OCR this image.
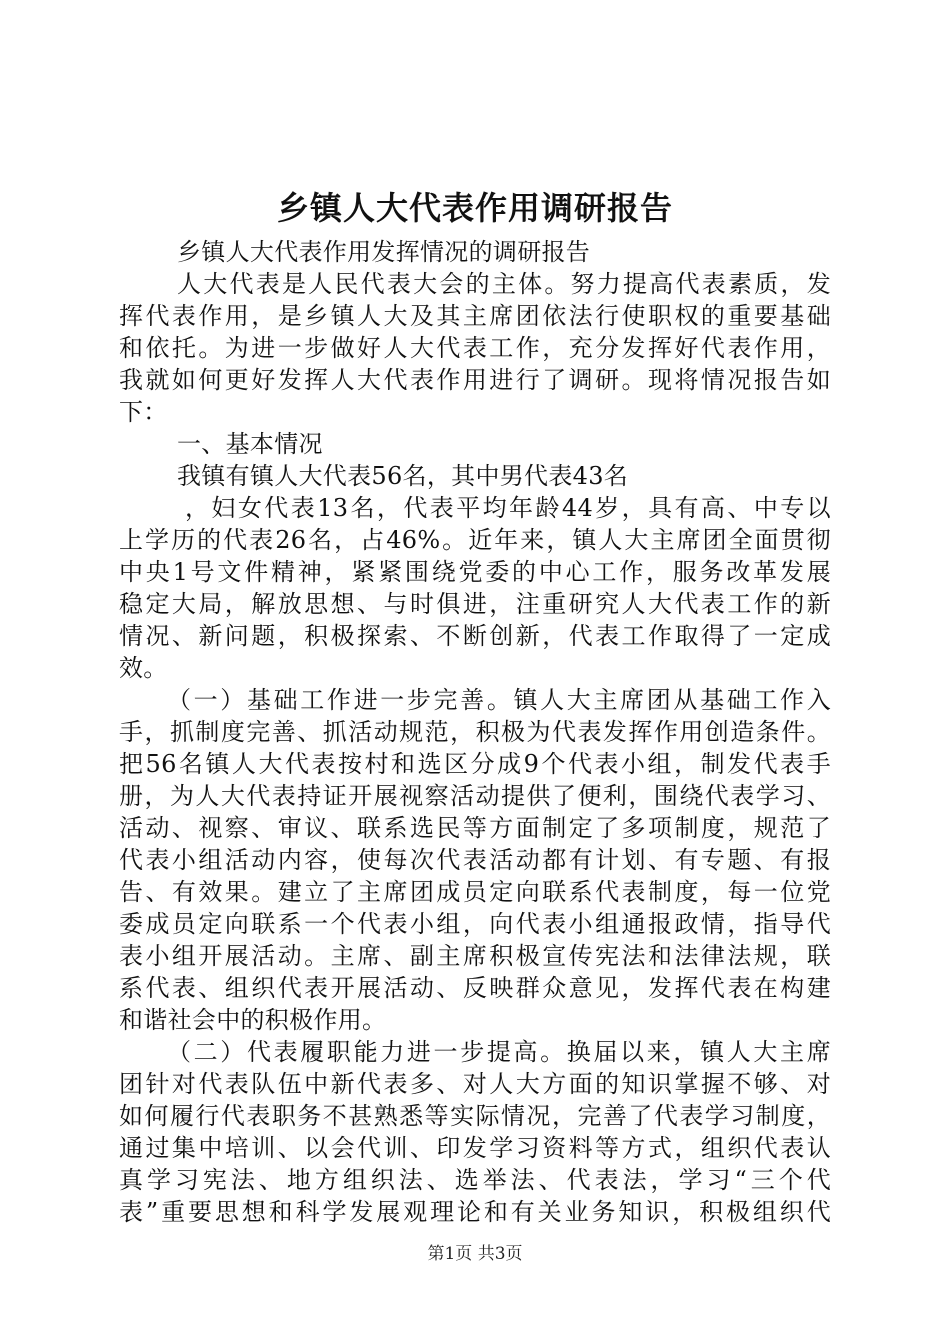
乡镇人大代表作用调研报告
乡镇人大代表作用发挥情况的调研报告
人大代表是人民代表大会的主体。努力提高代表素质，发
挥代表作用，是乡镇人大及其主席团依法行使职权的重要基础
和依托。为进一步做好人大代表工作，充分发挥好代表作用，
我就如何更好发挥人大代表作用进行了调研。现将情况报告如
下：
一、基本情况
我镇有镇人大代表56名，其中男代表43名
，妇女代表13名，代表平均年龄44岁，具有高、中专以
上学历的代表26名，占46%。近年来，镇人大主席团全面贯彻
中央1号文件精神，紧紧围绕党委的中心工作，服务改革发展
稳定大局，解放思想、与时俱进，注重研究人大代表工作的新
情况、新问题，积极探索、不断创新，代表工作取得了一定成
效。
（一）基础工作进一步完善。镇人大主席团从基础工作入
手，抓制度完善、抓活动规范，积极为代表发挥作用创造条件。
把56名镇人大代表按村和选区分成9个代表小组，制发代表手
册，为人大代表持证开展视察活动提供了便利，围绕代表学习、
活动、视察、审议、联系选民等方面制定了多项制度，规范了
代表小组活动内容，使每次代表活动都有计划、有专题、有报
告、有效果。建立了主席团成员定向联系代表制度，每一位党
委成员定向联系一个代表小组，向代表小组通报政情，指导代
表小组开展活动。主席、副主席积极宣传宪法和法律法规，联
系代表、组织代表开展活动、反映群众意见，发挥代表在构建
和谐社会中的积极作用。
（二）代表履职能力进一步提高。换届以来，镇人大主席
团针对代表队伍中新代表多、对人大方面的知识掌握不够、对
如何履行代表职务不甚熟悉等实际情况，完善了代表学习制度，
通过集中培训、以会代训、印发学习资料等方式，组织代表认
真学习宪法、地方组织法、选举法、代表法，学习“三个代
表”重要思想和科学发展观理论和有关业务知识，积极组织代
第1页 共3页
